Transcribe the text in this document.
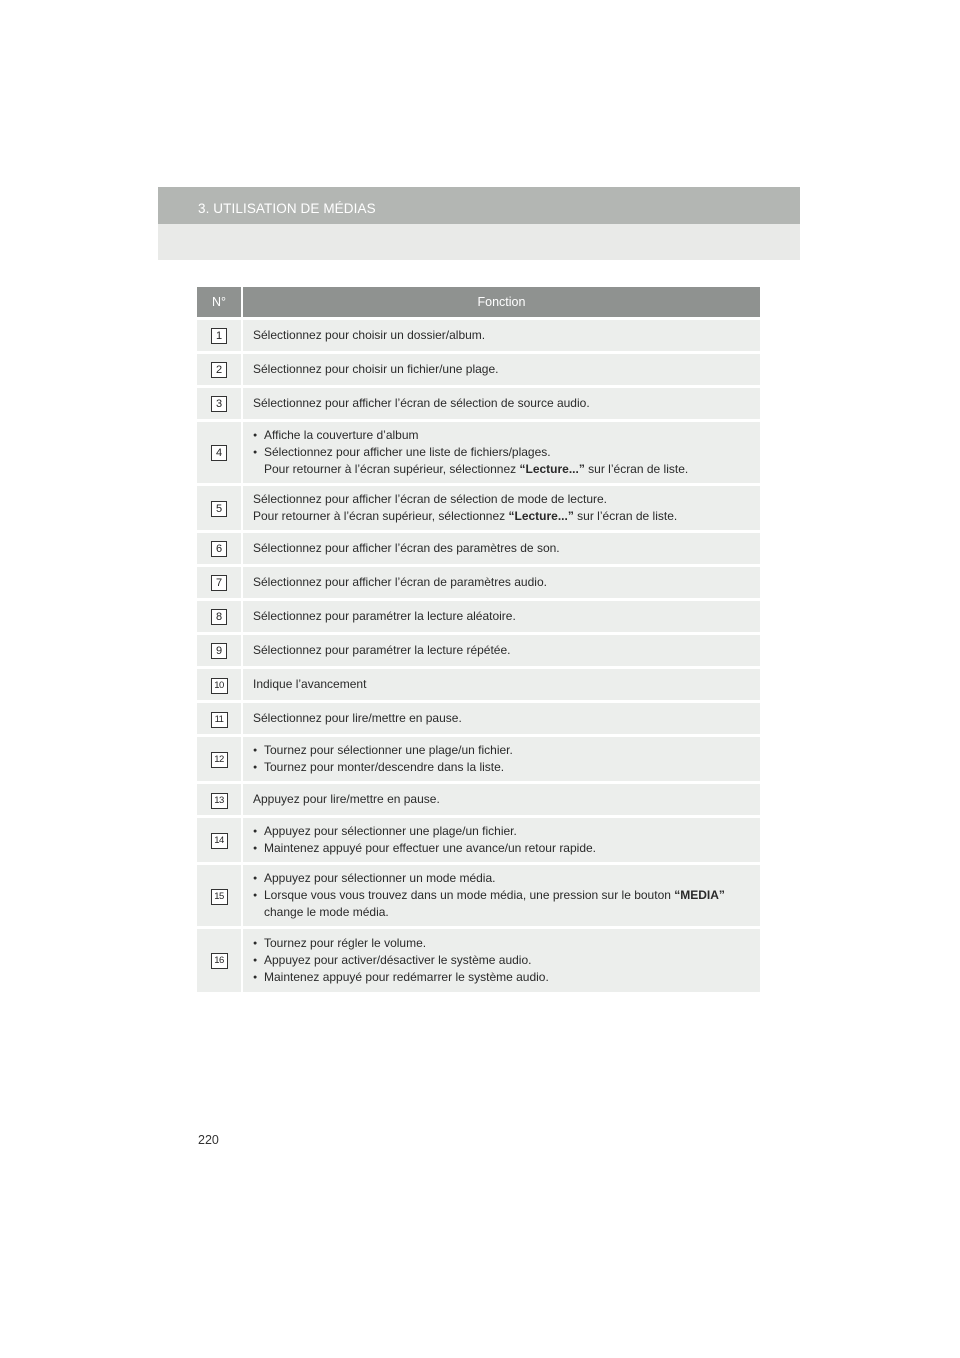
3. UTILISATION DE MÉDIAS
N°	Fonction
1	Sélectionnez pour choisir un dossier/album.
2	Sélectionnez pour choisir un fichier/une plage.
3	Sélectionnez pour afficher l’écran de sélection de source audio.
4	● Affiche la couverture d’album
● Sélectionnez pour afficher une liste de fichiers/plages.
Pour retourner à l’écran supérieur, sélectionnez “Lecture...” sur l’écran de liste.

5	Sélectionnez pour afficher l’écran de sélection de mode de lecture.
Pour retourner à l’écran supérieur, sélectionnez “Lecture...” sur l’écran de liste.

6	Sélectionnez pour afficher l’écran des paramètres de son.
7	Sélectionnez pour afficher l’écran de paramètres audio.
8	Sélectionnez pour paramétrer la lecture aléatoire.
9	Sélectionnez pour paramétrer la lecture répétée.
10	Indique l’avancement
11	Sélectionnez pour lire/mettre en pause.
12	● Tournez pour sélectionner une plage/un fichier.
● Tournez pour monter/descendre dans la liste.

13	Appuyez pour lire/mettre en pause.
14	● Appuyez pour sélectionner une plage/un fichier.
● Maintenez appuyé pour effectuer une avance/un retour rapide.

15	● Appuyez pour sélectionner un mode média.
● Lorsque vous vous trouvez dans un mode média, une pression sur le bouton “MEDIA”
change le mode média.

16	● Tournez pour régler le volume.
● Appuyez pour activer/désactiver le système audio.
● Maintenez appuyé pour redémarrer le système audio.
220
